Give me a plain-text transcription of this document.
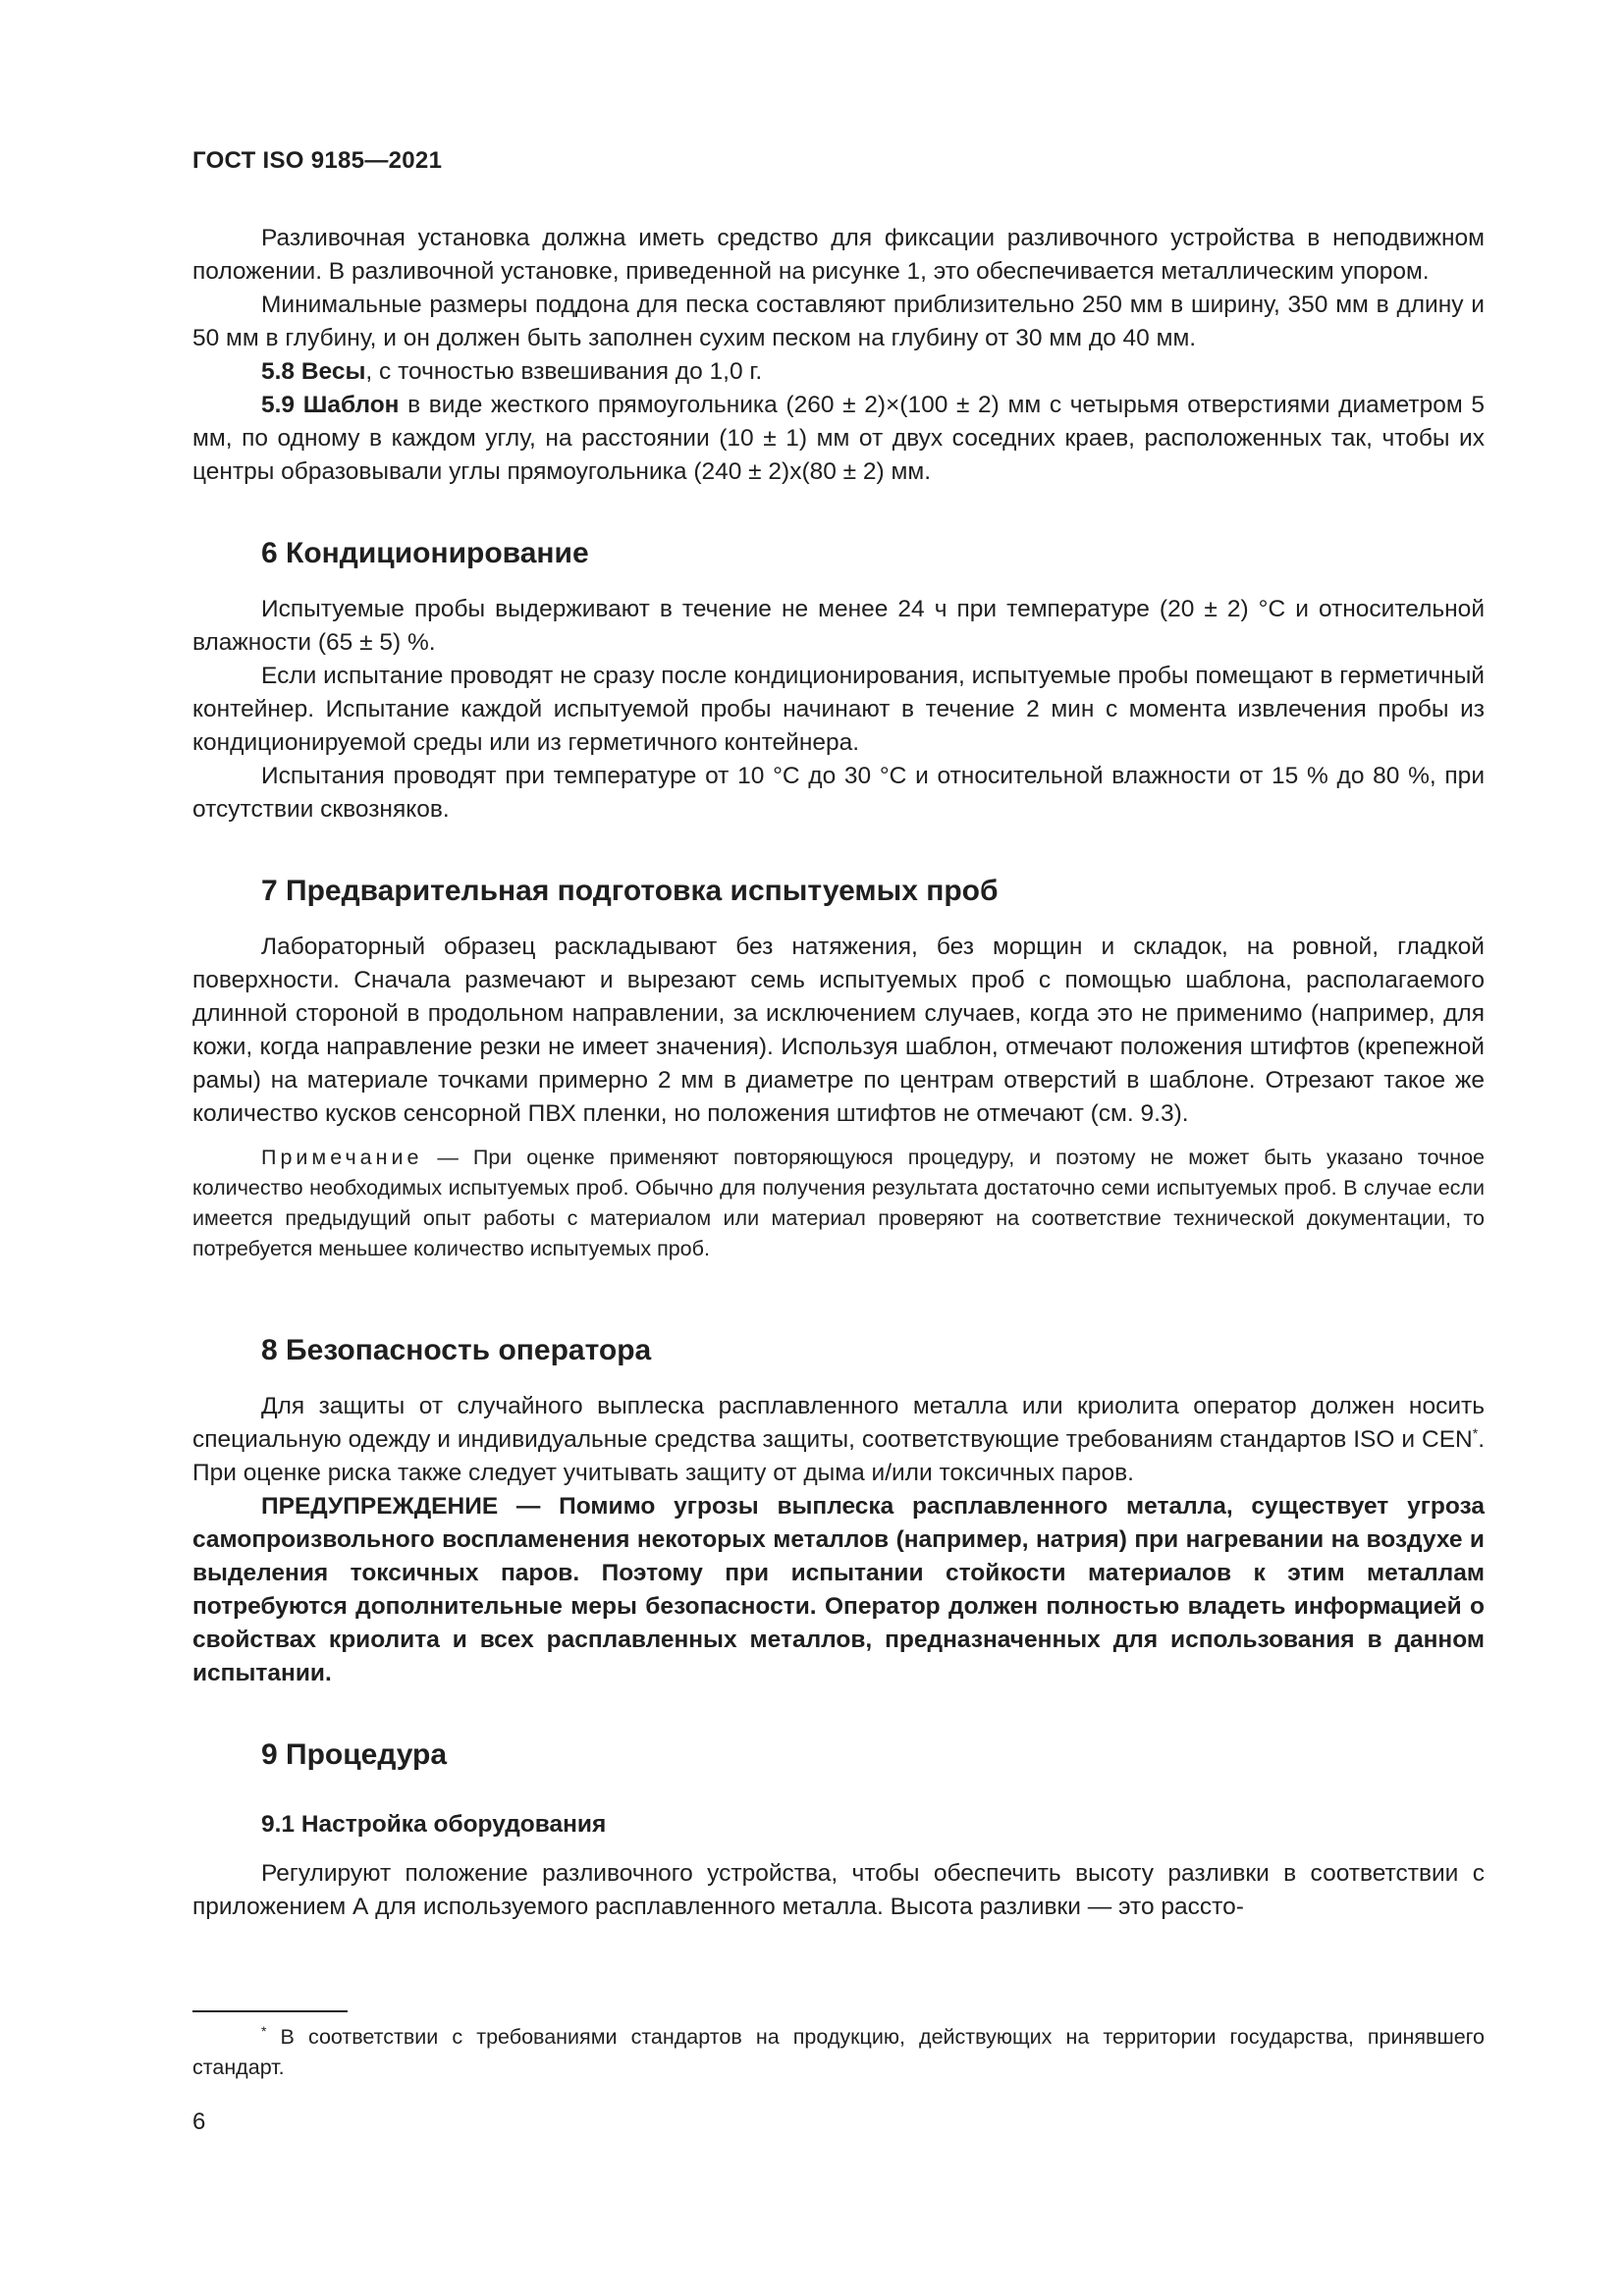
ГОСТ ISO 9185—2021

Разливочная установка должна иметь средство для фиксации разливочного устройства в неподвижном положении. В разливочной установке, приведенной на рисунке 1, это обеспечивается металлическим упором.

Минимальные размеры поддона для песка составляют приблизительно 250 мм в ширину, 350 мм в длину и 50 мм в глубину, и он должен быть заполнен сухим песком на глубину от 30 мм до 40 мм.

5.8 Весы, с точностью взвешивания до 1,0 г.

5.9 Шаблон в виде жесткого прямоугольника (260 ± 2)×(100 ± 2) мм с четырьмя отверстиями диаметром 5 мм, по одному в каждом углу, на расстоянии (10 ± 1) мм от двух соседних краев, расположенных так, чтобы их центры образовывали углы прямоугольника (240 ± 2)х(80 ± 2) мм.

6 Кондиционирование

Испытуемые пробы выдерживают в течение не менее 24 ч при температуре (20 ± 2) °С и относительной влажности (65 ± 5) %.

Если испытание проводят не сразу после кондиционирования, испытуемые пробы помещают в герметичный контейнер. Испытание каждой испытуемой пробы начинают в течение 2 мин с момента извлечения пробы из кондиционируемой среды или из герметичного контейнера.

Испытания проводят при температуре от 10 °С до 30 °С и относительной влажности от 15 % до 80 %, при отсутствии сквозняков.

7 Предварительная подготовка испытуемых проб

Лабораторный образец раскладывают без натяжения, без морщин и складок, на ровной, гладкой поверхности. Сначала размечают и вырезают семь испытуемых проб с помощью шаблона, располагаемого длинной стороной в продольном направлении, за исключением случаев, когда это не применимо (например, для кожи, когда направление резки не имеет значения). Используя шаблон, отмечают положения штифтов (крепежной рамы) на материале точками примерно 2 мм в диаметре по центрам отверстий в шаблоне. Отрезают такое же количество кусков сенсорной ПВХ пленки, но положения штифтов не отмечают (см. 9.3).

Примечание — При оценке применяют повторяющуюся процедуру, и поэтому не может быть указано точное количество необходимых испытуемых проб. Обычно для получения результата достаточно семи испытуемых проб. В случае если имеется предыдущий опыт работы с материалом или материал проверяют на соответствие технической документации, то потребуется меньшее количество испытуемых проб.
8 Безопасность оператора

Для защиты от случайного выплеска расплавленного металла или криолита оператор должен носить специальную одежду и индивидуальные средства защиты, соответствующие требованиям стандартов ISO и CEN*. При оценке риска также следует учитывать защиту от дыма и/или токсичных паров.

ПРЕДУПРЕЖДЕНИЕ — Помимо угрозы выплеска расплавленного металла, существует угроза самопроизвольного воспламенения некоторых металлов (например, натрия) при нагревании на воздухе и выделения токсичных паров. Поэтому при испытании стойкости материалов к этим металлам потребуются дополнительные меры безопасности. Оператор должен полностью владеть информацией о свойствах криолита и всех расплавленных металлов, предназначенных для использования в данном испытании.

9 Процедура
9.1 Настройка оборудования

Регулируют положение разливочного устройства, чтобы обеспечить высоту разливки в соответствии с приложением А для используемого расплавленного металла. Высота разливки — это рассто-

* В соответствии с требованиями стандартов на продукцию, действующих на территории государства, принявшего стандарт.
6
